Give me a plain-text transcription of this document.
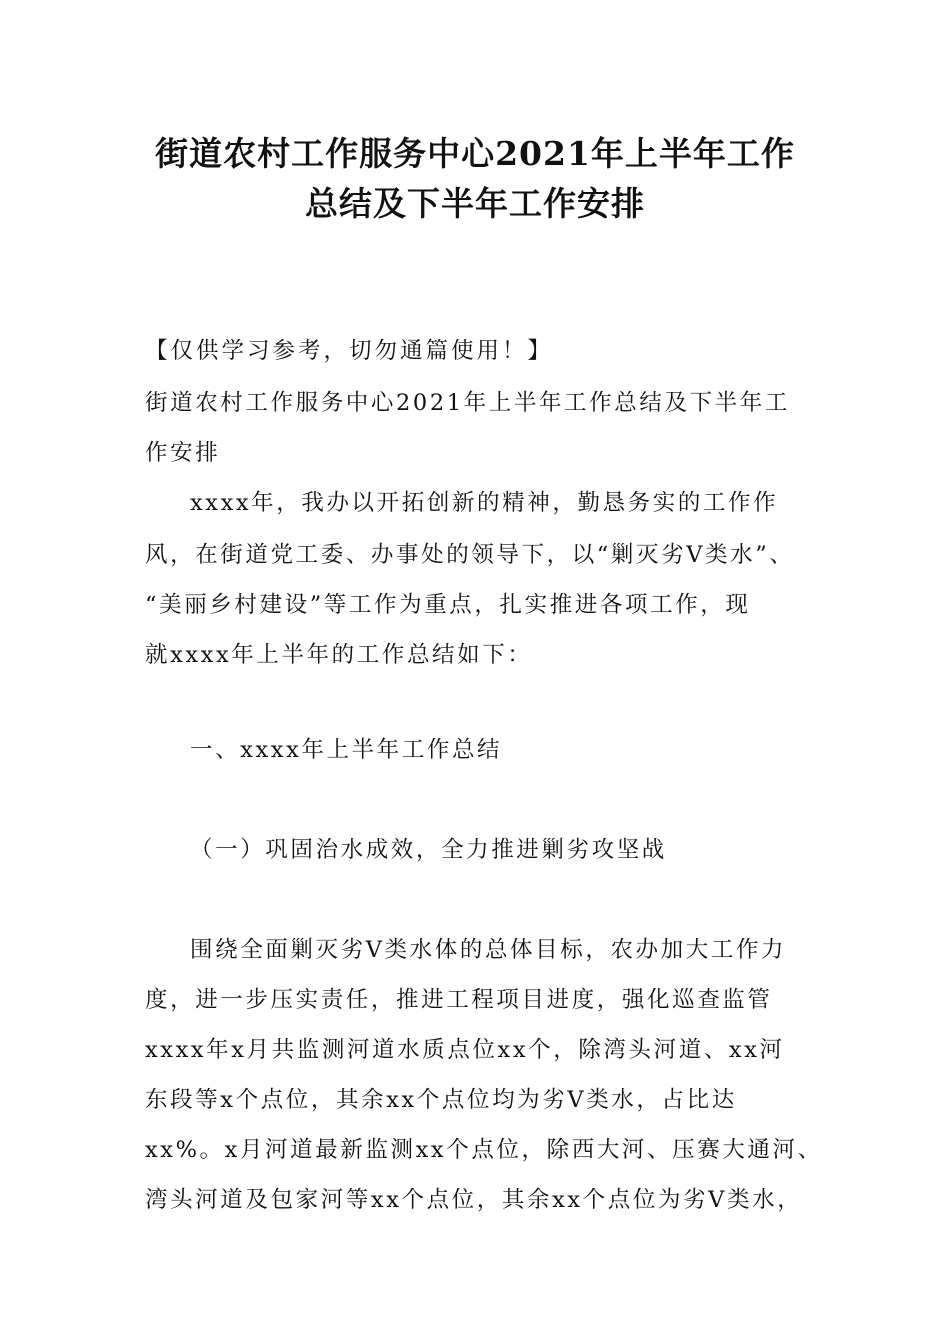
街道农村工作服务中心2021年上半年工作
总结及下半年工作安排
【仅供学习参考，切勿通篇使用！】
街道农村工作服务中心2021年上半年工作总结及下半年工
作安排
xxxx年，我办以开拓创新的精神，勤恳务实的工作作
风，在街道党工委、办事处的领导下，以“剿灭劣Ⅴ类水”、
“美丽乡村建设”等工作为重点，扎实推进各项工作，现
就xxxx年上半年的工作总结如下：
一、xxxx年上半年工作总结
（一）巩固治水成效，全力推进剿劣攻坚战
围绕全面剿灭劣Ⅴ类水体的总体目标，农办加大工作力
度，进一步压实责任，推进工程项目进度，强化巡查监管
xxxx年x月共监测河道水质点位xx个，除湾头河道、xx河
东段等x个点位，其余xx个点位均为劣Ⅴ类水，占比达
xx%。x月河道最新监测xx个点位，除西大河、压赛大通河、
湾头河道及包家河等xx个点位，其余xx个点位为劣Ⅴ类水，
